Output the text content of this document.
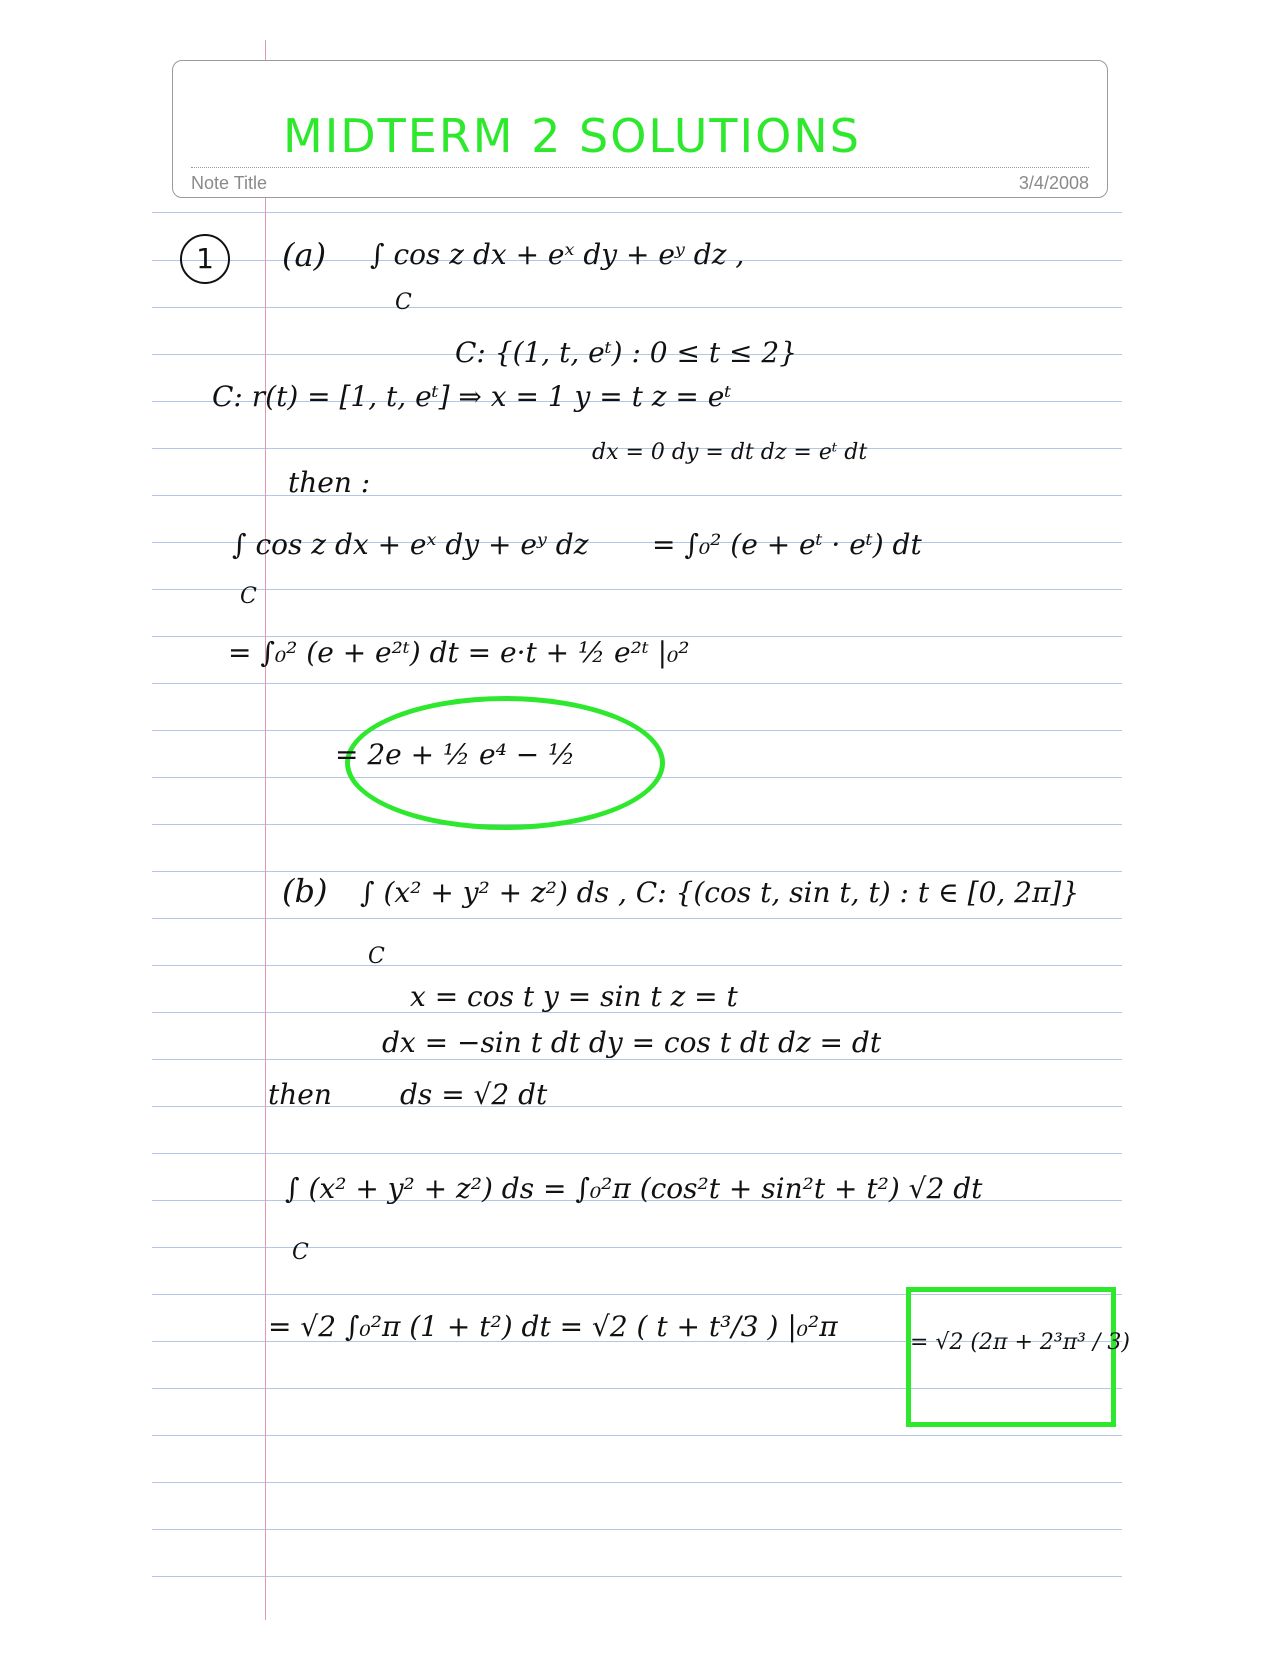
MIDTERM 2 SOLUTIONS
Note Title	3/4/2008
1	(a) ∫ cos z dx + eˣ dy + eʸ dz ,
C
C: {(1, t, eᵗ) : 0 ≤ t ≤ 2}
C: r(t) = [1, t, eᵗ] ⇒ x = 1 y = t z = eᵗ
dx = 0 dy = dt dz = eᵗ dt
then :
∫ cos z dx + eˣ dy + eʸ dz
C
= ∫₀² (e + eᵗ · eᵗ) dt
= ∫₀² (e + e²ᵗ) dt = e·t + ½ e²ᵗ |₀²
= 2e + ½ e⁴ − ½
(b) ∫ (x² + y² + z²) ds , C: {(cos t, sin t, t) : t ∈ [0, 2π]}
C
x = cos t y = sin t z = t
dx = −sin t dt dy = cos t dt dz = dt
then ds = √2 dt
∫ (x² + y² + z²) ds = ∫₀²π (cos²t + sin²t + t²) √2 dt
C
= √2 ∫₀²π (1 + t²) dt = √2 ( t + t³/3 ) |₀²π	= √2 (2π + 2³π³ / 3)
